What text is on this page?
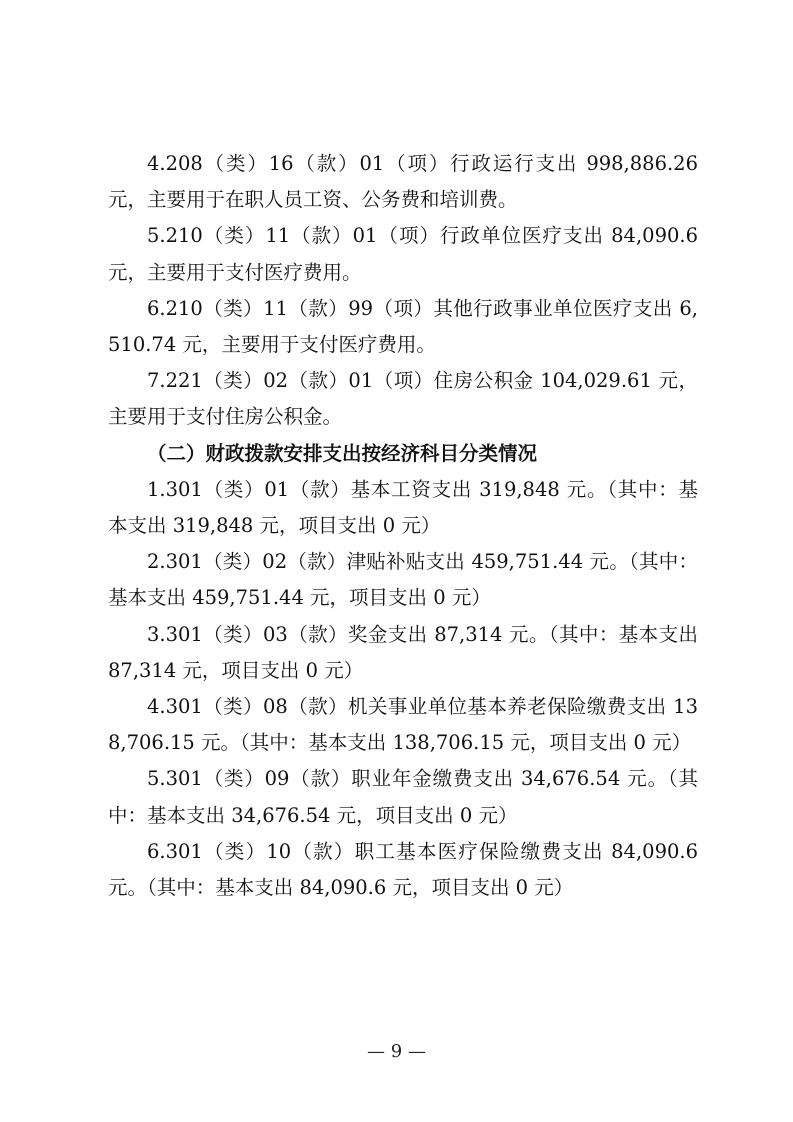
4.208（类）16（款）01（项）行政运行支出 998,886.26 元，主要用于在职人员工资、公务费和培训费。

5.210（类）11（款）01（项）行政单位医疗支出 84,090.6 元，主要用于支付医疗费用。

6.210（类）11（款）99（项）其他行政事业单位医疗支出 6,510.74 元，主要用于支付医疗费用。

7.221（类）02（款）01（项）住房公积金 104,029.61 元，主要用于支付住房公积金。

（二）财政拨款安排支出按经济科目分类情况

1.301（类）01（款）基本工资支出 319,848 元。（其中：基本支出 319,848 元，项目支出 0 元）

2.301（类）02（款）津贴补贴支出 459,751.44 元。（其中：基本支出 459,751.44 元，项目支出 0 元）

3.301（类）03（款）奖金支出 87,314 元。（其中：基本支出 87,314 元，项目支出 0 元）

4.301（类）08（款）机关事业单位基本养老保险缴费支出 138,706.15 元。（其中：基本支出 138,706.15 元，项目支出 0 元）

5.301（类）09（款）职业年金缴费支出 34,676.54 元。（其中：基本支出 34,676.54 元，项目支出 0 元）

6.301（类）10（款）职工基本医疗保险缴费支出 84,090.6 元。（其中：基本支出 84,090.6 元，项目支出 0 元）

— 9 —
